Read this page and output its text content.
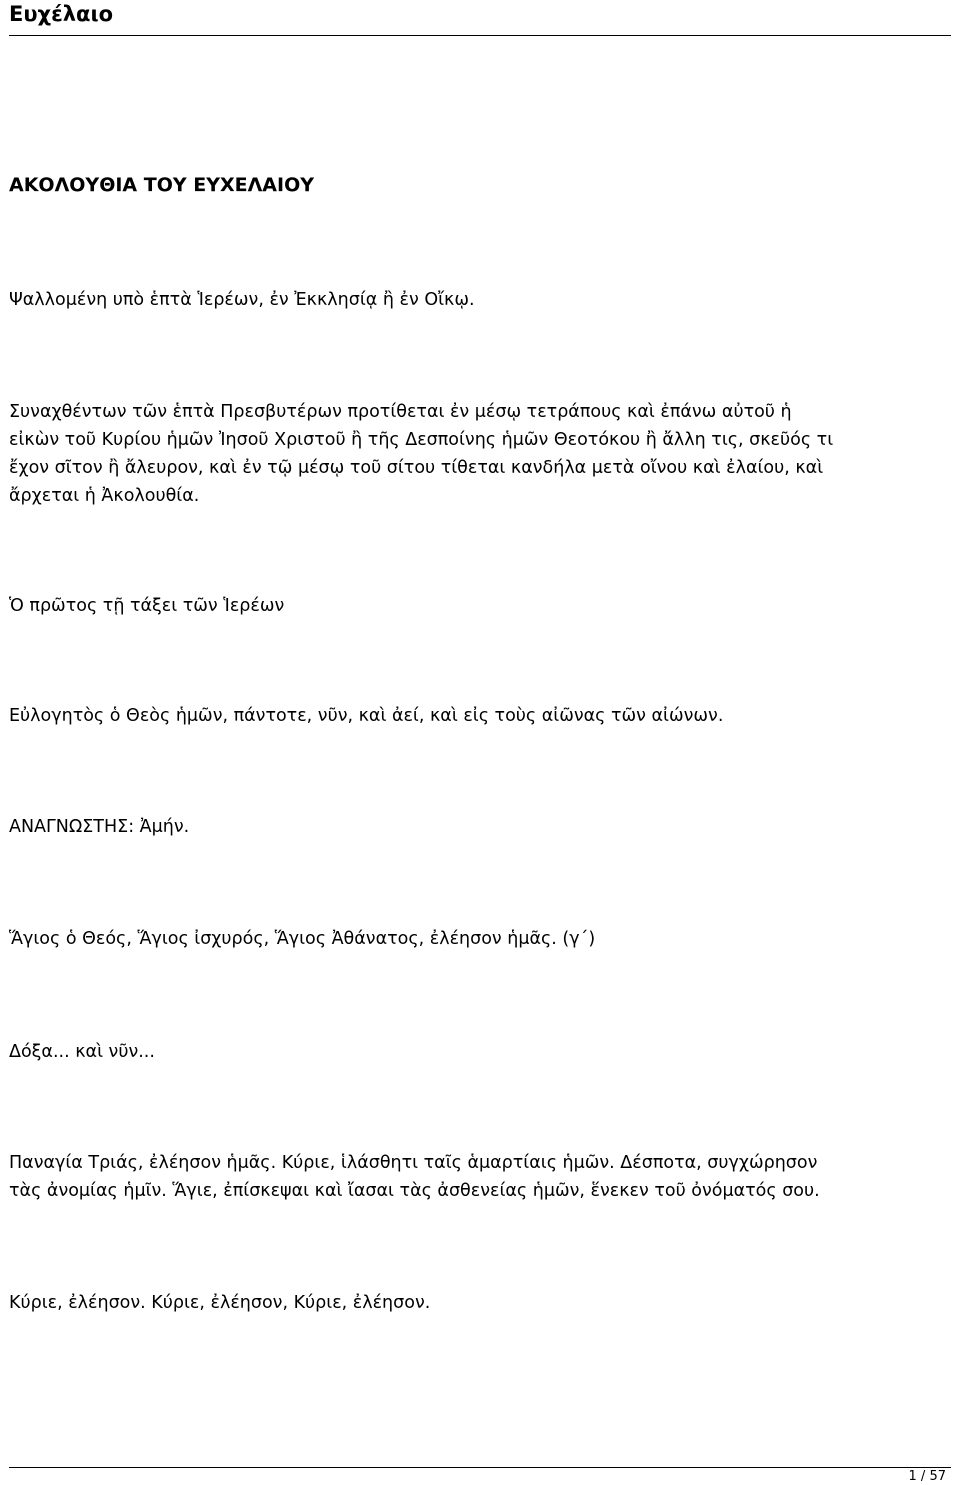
Ευχέλαιο
ΑΚΟΛΟΥΘΙΑ ΤΟΥ ΕΥΧΕΛΑΙΟΥ
Ψαλλομένη υπὸ ἑπτὰ Ἱερέων, ἐν Ἐκκλησίᾳ ἢ ἐν Οἴκῳ.
Συναχθέντων τῶν ἑπτὰ Πρεσβυτέρων προτίθεται ἐν μέσῳ τετράπους καὶ ἐπάνω αὐτοῦ ἡ
εἰκὼν τοῦ Κυρίου ἡμῶν Ἰησοῦ Χριστοῦ ἢ τῆς Δεσποίνης ἡμῶν Θεοτόκου ἢ ἄλλη τις, σκεῦός τι
ἔχον σῖτον ἢ ἄλευρον, καὶ ἐν τῷ μέσῳ τοῦ σίτου τίθεται κανδήλα μετὰ οἴνου καὶ ἐλαίου, καὶ
ἄρχεται ἡ Ἀκολουθία.
Ὁ πρῶτος τῇ τάξει τῶν Ἱερέων
Εὐλογητὸς ὁ Θεὸς ἡμῶν, πάντοτε, νῦν, καὶ ἀεί, καὶ εἰς τοὺς αἰῶνας τῶν αἰώνων.
ΑΝΑΓΝΩΣΤΗΣ: Ἀμήν.
Ἅγιος ὁ Θεός, Ἅγιος ἰσχυρός, Ἅγιος Ἀθάνατος, ἐλέησον ἡμᾶς. (γ΄)
Δόξα... καὶ νῦν...
Παναγία Τριάς, ἐλέησον ἡμᾶς. Κύριε, ἱλάσθητι ταῖς ἁμαρτίαις ἡμῶν. Δέσποτα, συγχώρησον
τὰς ἀνομίας ἡμῖν. Ἅγιε, ἐπίσκεψαι καὶ ἴασαι τὰς ἀσθενείας ἡμῶν, ἕνεκεν τοῦ ὀνόματός σου.
Κύριε, ἐλέησον. Κύριε, ἐλέησον, Κύριε, ἐλέησον.
1 / 57
